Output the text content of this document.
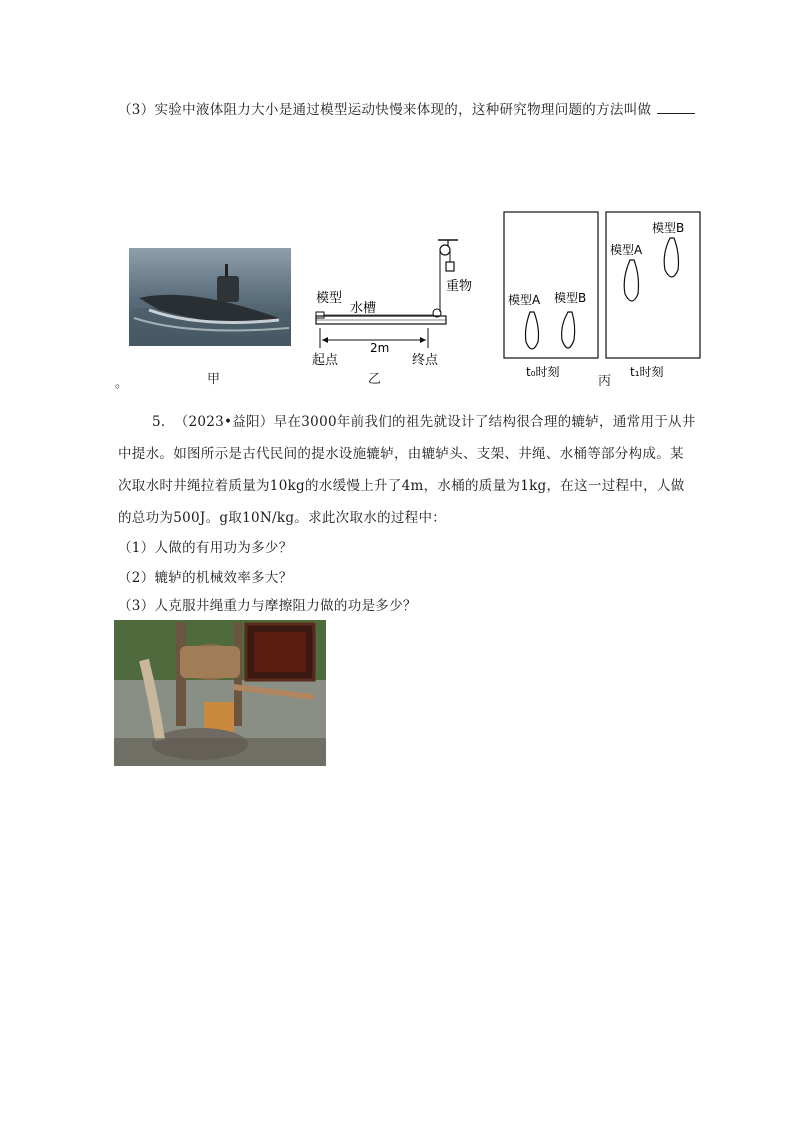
（3）实验中液体阻力大小是通过模型运动快慢来体现的，这种研究物理问题的方法叫做
模型
水槽
重物
2m
起点	终点
模型A 模型B
模型A
模型B
t₀时刻	t₁时刻
。	甲	乙	丙
5. （2023•益阳）早在3000年前我们的祖先就设计了结构很合理的辘轳，通常用于从井
中提水。如图所示是古代民间的提水设施辘轳，由辘轳头、支架、井绳、水桶等部分构成。某
次取水时井绳拉着质量为10kg的水缓慢上升了4m，水桶的质量为1kg，在这一过程中，人做
的总功为500J。g取10N/kg。求此次取水的过程中：
（1）人做的有用功为多少？
（2）辘轳的机械效率多大？
（3）人克服井绳重力与摩擦阻力做的功是多少？
